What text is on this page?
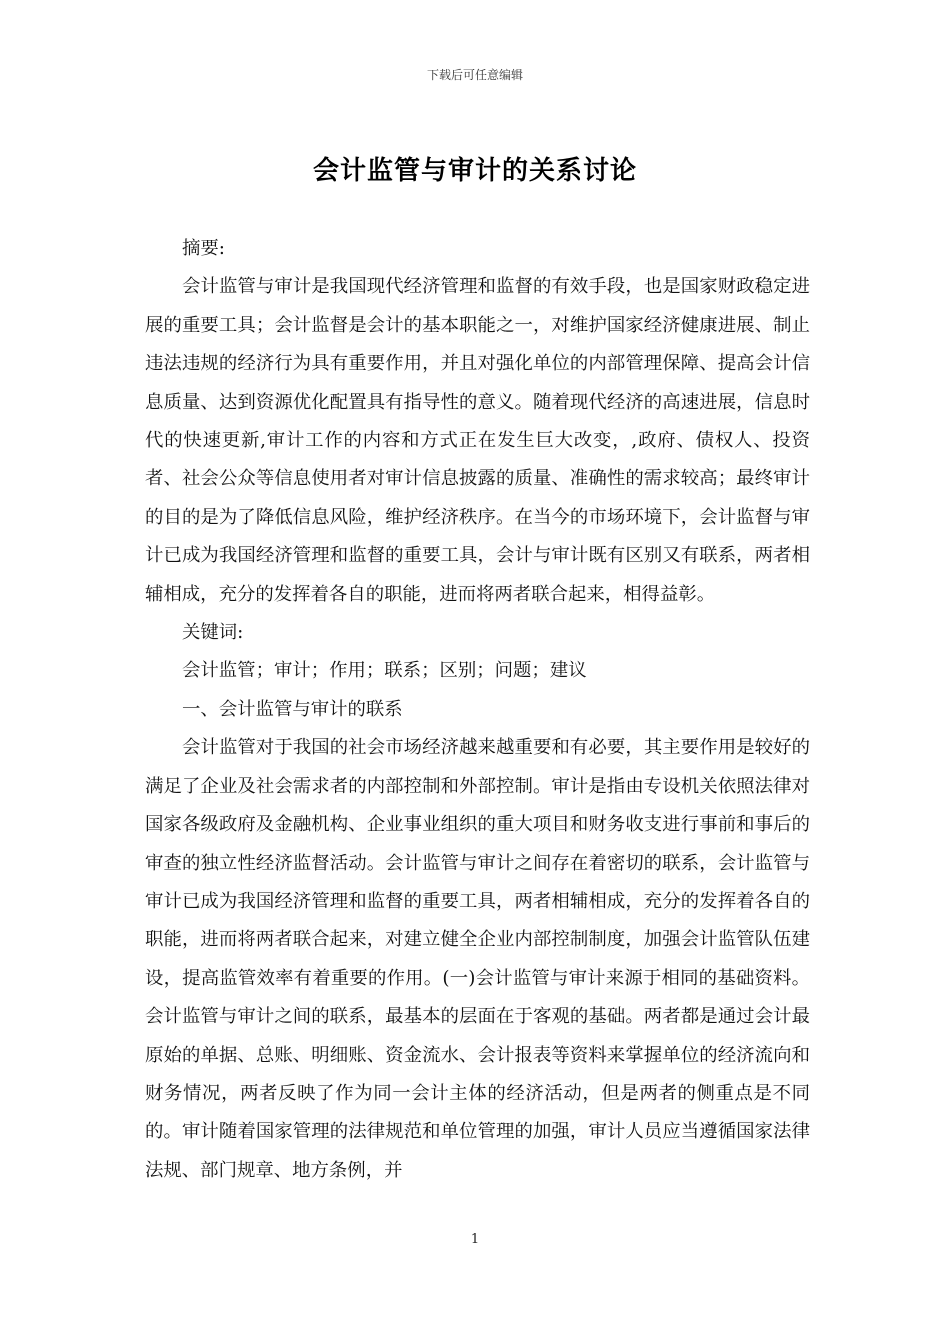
下载后可任意编辑
会计监管与审计的关系讨论

摘要:

会计监管与审计是我国现代经济管理和监督的有效手段，也是国家财政稳定进展的重要工具；会计监督是会计的基本职能之一，对维护国家经济健康进展、制止违法违规的经济行为具有重要作用，并且对强化单位的内部管理保障、提高会计信息质量、达到资源优化配置具有指导性的意义。随着现代经济的高速进展，信息时代的快速更新,审计工作的内容和方式正在发生巨大改变，,政府、债权人、投资者、社会公众等信息使用者对审计信息披露的质量、准确性的需求较高；最终审计的目的是为了降低信息风险，维护经济秩序。在当今的市场环境下，会计监督与审计已成为我国经济管理和监督的重要工具，会计与审计既有区别又有联系，两者相辅相成，充分的发挥着各自的职能，进而将两者联合起来，相得益彰。

关键词:

会计监管；审计；作用；联系；区别；问题；建议

一、会计监管与审计的联系

会计监管对于我国的社会市场经济越来越重要和有必要，其主要作用是较好的满足了企业及社会需求者的内部控制和外部控制。审计是指由专设机关依照法律对国家各级政府及金融机构、企业事业组织的重大项目和财务收支进行事前和事后的审查的独立性经济监督活动。会计监管与审计之间存在着密切的联系，会计监管与审计已成为我国经济管理和监督的重要工具，两者相辅相成，充分的发挥着各自的职能，进而将两者联合起来，对建立健全企业内部控制制度，加强会计监管队伍建设，提高监管效率有着重要的作用。(一)会计监管与审计来源于相同的基础资料。会计监管与审计之间的联系，最基本的层面在于客观的基础。两者都是通过会计最原始的单据、总账、明细账、资金流水、会计报表等资料来掌握单位的经济流向和财务情况，两者反映了作为同一会计主体的经济活动，但是两者的侧重点是不同的。审计随着国家管理的法律规范和单位管理的加强，审计人员应当遵循国家法律法规、部门规章、地方条例，并

1
